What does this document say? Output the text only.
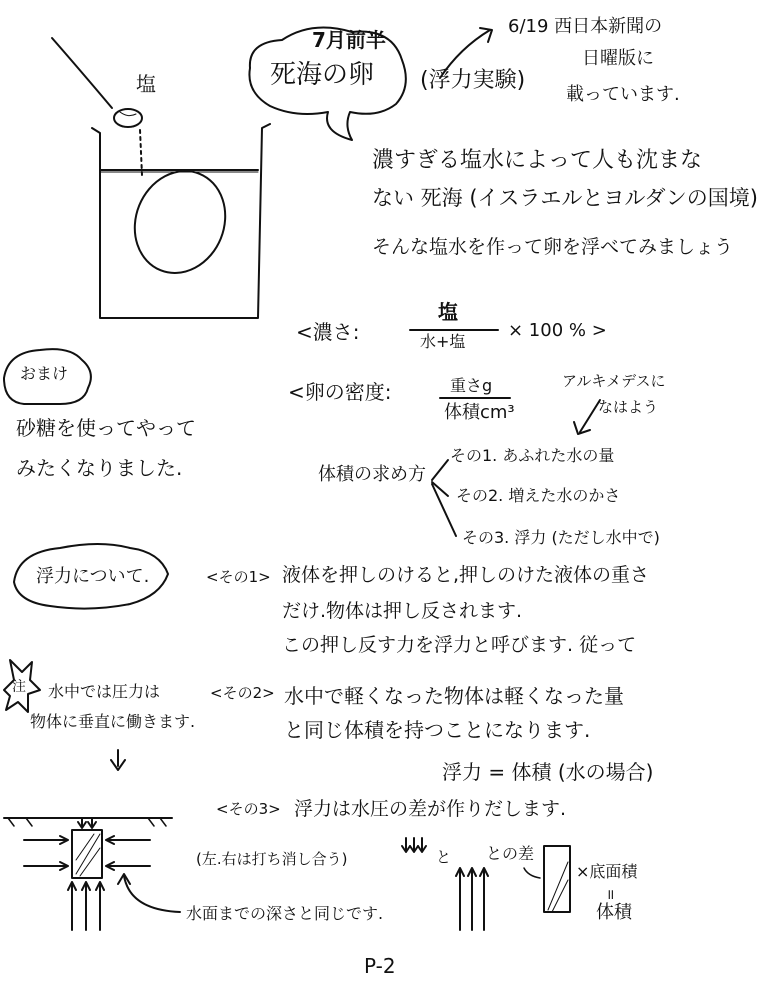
塩
7月前半
死海の卵 (浮力実験)
6/19 西日本新聞の
日曜版に
載っています.
濃すぎる塩水によって人も沈まな
ない 死海 (イスラエルとヨルダンの国境)
そんな塩水を作って卵を浮べてみましょう
<濃さ:
塩
水+塩
× 100 % >
<卵の密度:	重さg
体積cm³
アルキメデスに
なはよう
体積の求め方
その1. あふれた水の量
その2. 増えた水のかさ
その3. 浮力 (ただし水中で)
おまけ
砂糖を使ってやって
みたくなりました.
浮力について.	<その1> 液体を押しのけると,押しのけた液体の重さ
だけ.物体は押し反されます.
この押し反す力を浮力と呼びます. 従って
注 水中では圧力は
物体に垂直に働きます.
<その2> 水中で軽くなった物体は軽くなった量
と同じ体積を持つことになります.
浮力 = 体積 (水の場合)
<その3> 浮力は水圧の差が作りだします.
(左.右は打ち消し合う)
水面までの深さと同じです.
と との差
×底面積
॥
体積
P-2
